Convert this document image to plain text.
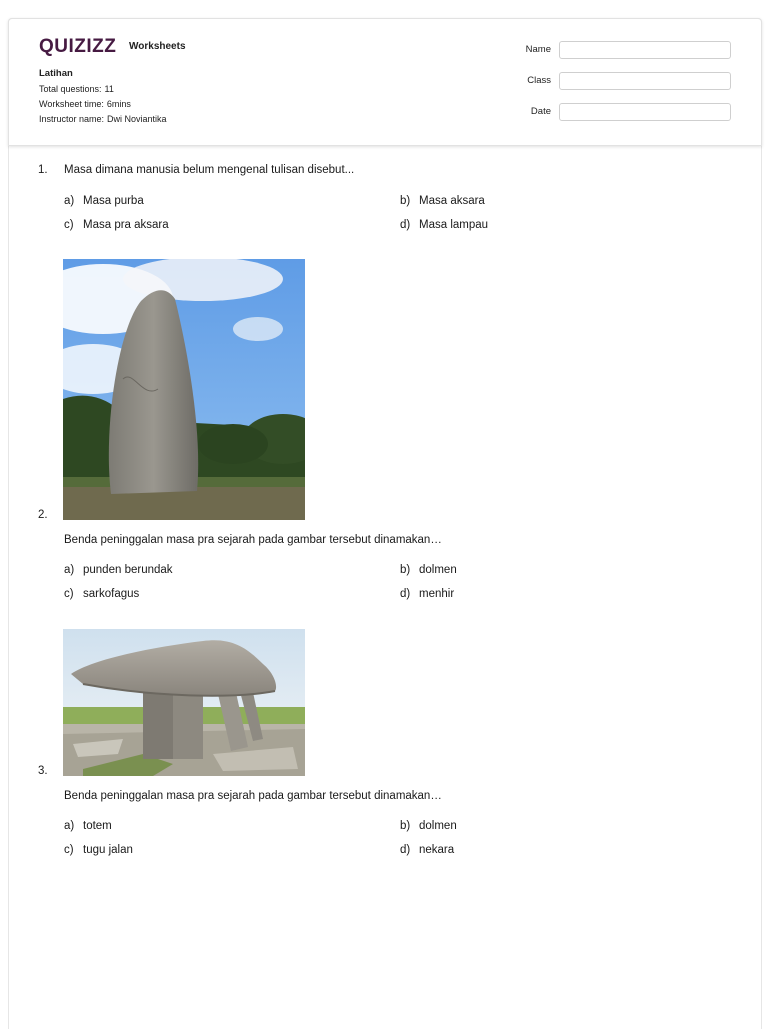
QUIZIZZ Worksheets
Latihan
Total questions: 11
Worksheet time: 6mins
Instructor name: Dwi Noviantika
Name
Class
Date
1. Masa dimana manusia belum mengenal tulisan disebut...
a) Masa purba	b) Masa aksara
c) Masa pra aksara	d) Masa lampau
2.
Benda peninggalan masa pra sejarah pada gambar tersebut dinamakan…
a) punden berundak	b) dolmen
c) sarkofagus	d) menhir
3.
Benda peninggalan masa pra sejarah pada gambar tersebut dinamakan…
a) totem	b) dolmen
c) tugu jalan	d) nekara
